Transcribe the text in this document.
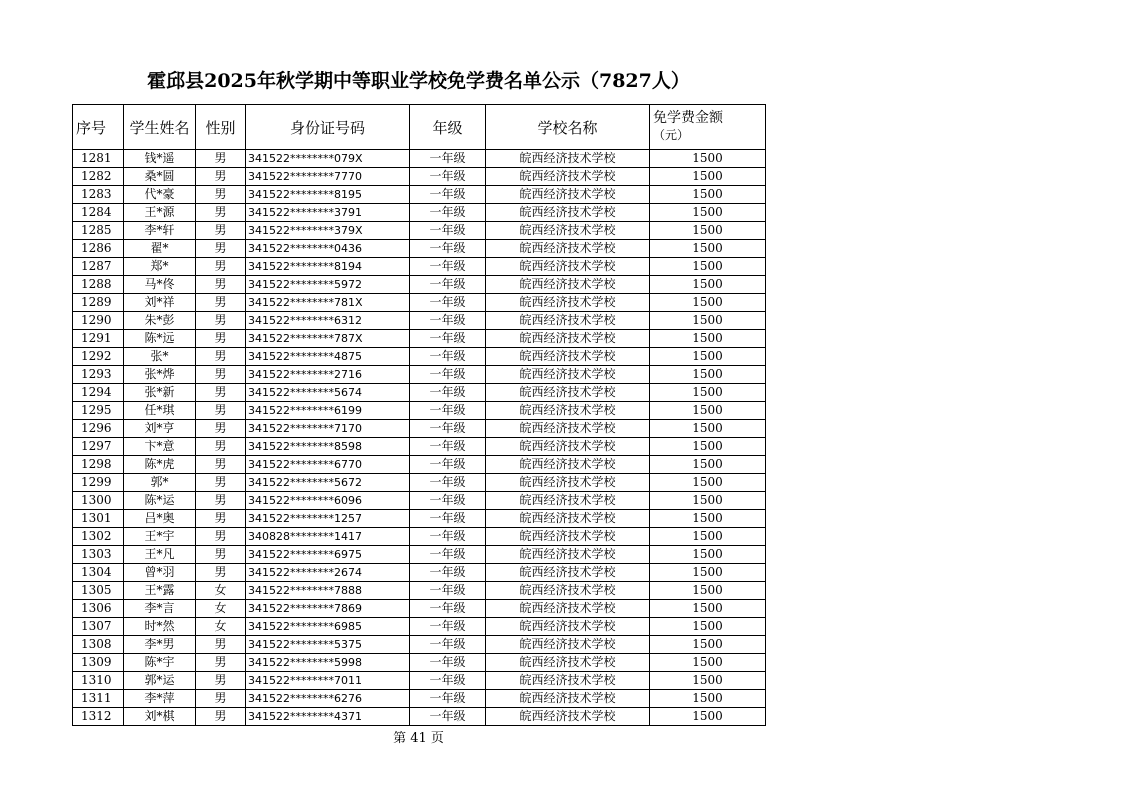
霍邱县2025年秋学期中等职业学校免学费名单公示（7827人）
序号	学生姓名	性别	身份证号码	年级	学校名称	免学费金额
（元）

1281	钱*遥	男	341522********079X	一年级	皖西经济技术学校	1500
1282	桑*圆	男	341522********7770	一年级	皖西经济技术学校	1500
1283	代*豪	男	341522********8195	一年级	皖西经济技术学校	1500
1284	王*源	男	341522********3791	一年级	皖西经济技术学校	1500
1285	李*轩	男	341522********379X	一年级	皖西经济技术学校	1500
1286	翟*	男	341522********0436	一年级	皖西经济技术学校	1500
1287	郑*	男	341522********8194	一年级	皖西经济技术学校	1500
1288	马*佟	男	341522********5972	一年级	皖西经济技术学校	1500
1289	刘*祥	男	341522********781X	一年级	皖西经济技术学校	1500
1290	朱*彭	男	341522********6312	一年级	皖西经济技术学校	1500
1291	陈*远	男	341522********787X	一年级	皖西经济技术学校	1500
1292	张*	男	341522********4875	一年级	皖西经济技术学校	1500
1293	张*烨	男	341522********2716	一年级	皖西经济技术学校	1500
1294	张*新	男	341522********5674	一年级	皖西经济技术学校	1500
1295	任*琪	男	341522********6199	一年级	皖西经济技术学校	1500
1296	刘*亨	男	341522********7170	一年级	皖西经济技术学校	1500
1297	卞*意	男	341522********8598	一年级	皖西经济技术学校	1500
1298	陈*虎	男	341522********6770	一年级	皖西经济技术学校	1500
1299	郭*	男	341522********5672	一年级	皖西经济技术学校	1500
1300	陈*运	男	341522********6096	一年级	皖西经济技术学校	1500
1301	吕*奥	男	341522********1257	一年级	皖西经济技术学校	1500
1302	王*宇	男	340828********1417	一年级	皖西经济技术学校	1500
1303	王*凡	男	341522********6975	一年级	皖西经济技术学校	1500
1304	曾*羽	男	341522********2674	一年级	皖西经济技术学校	1500
1305	王*露	女	341522********7888	一年级	皖西经济技术学校	1500
1306	李*言	女	341522********7869	一年级	皖西经济技术学校	1500
1307	时*然	女	341522********6985	一年级	皖西经济技术学校	1500
1308	李*男	男	341522********5375	一年级	皖西经济技术学校	1500
1309	陈*宇	男	341522********5998	一年级	皖西经济技术学校	1500
1310	郭*运	男	341522********7011	一年级	皖西经济技术学校	1500
1311	李*萍	男	341522********6276	一年级	皖西经济技术学校	1500
1312	刘*棋	男	341522********4371	一年级	皖西经济技术学校	1500
第 41 页
